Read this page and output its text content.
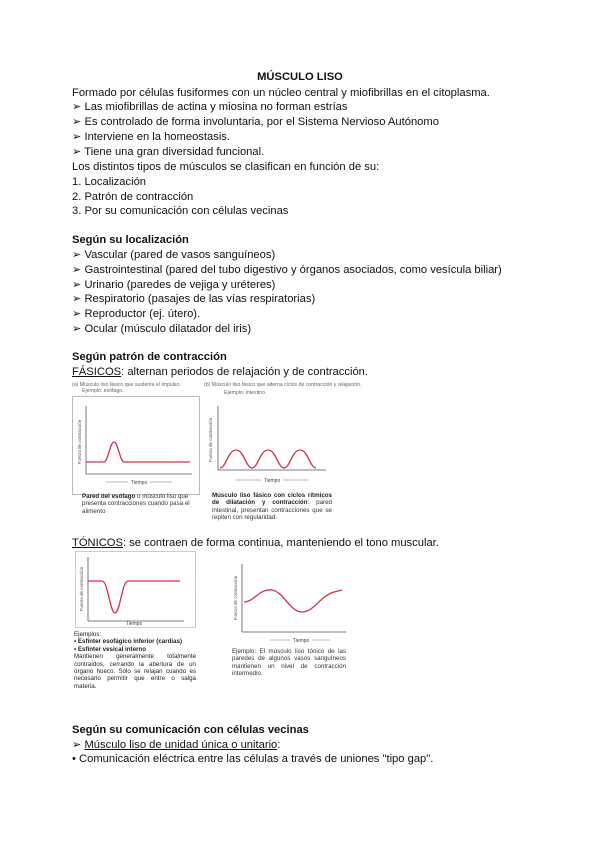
MÚSCULO LISO
Formado por células fusiformes con un núcleo central y miofibrillas en el citoplasma.
➢ Las miofibrillas de actina y miosina no forman estrías
➢ Es controlado de forma involuntaria, por el Sistema Nervioso Autónomo
➢ Interviene en la homeostasis.
➢ Tiene una gran diversidad funcional.
Los distintos tipos de músculos se clasifican en función de su:
1. Localización
2. Patrón de contracción
3. Por su comunicación con células vecinas
Según su localización
➢ Vascular (pared de vasos sanguíneos)
➢ Gastrointestinal (pared del tubo digestivo y órganos asociados, como vesícula biliar)
➢ Urinario (paredes de vejiga y uréteres)
➢ Respiratorio (pasajes de las vías respiratorias)
➢ Reproductor (ej. útero).
➢ Ocular (músculo dilatador del iris)
Según patrón de contracción
FÁSICOS: alternan periodos de relajación y de contracción.
(a) Músculo liso fásico que sustenta el impulso.
Ejemplo: esófago.
Fuerza de contracción
Tiempo
Pared del esófago o músculo liso que presenta contracciones cuando pasa el alimento
(b) Músculo liso fásico que alterna ciclos de contracción y relajación.
Ejemplo: intestino.
Fuerza de contracción
Tiempo
Músculo liso fásico con ciclos rítmicos de dilatación y contracción: pared intestinal, presentan contracciones que se repiten con regularidad.
TÓNICOS: se contraen de forma continua, manteniendo el tono muscular.
Fuerza de contracción
Tiempo
Ejemplos:
• Esfínter esofágico inferior (cardias)
• Esfínter vesical interno
Mantienen generalmente totalmente contraídos, cerrando la abertura de un órgano hueco. Sólo se relajan cuando es necesario permitir que entre o salga materia.
Fuerza de contracción
Tiempo
Ejemplo: El músculo liso tónico de las paredes de algunos vasos sanguíneos mantienen un nivel de contracción intermedio.
Según su comunicación con células vecinas
➢ Músculo liso de unidad única o unitario:
• Comunicación eléctrica entre las células a través de uniones "tipo gap".
